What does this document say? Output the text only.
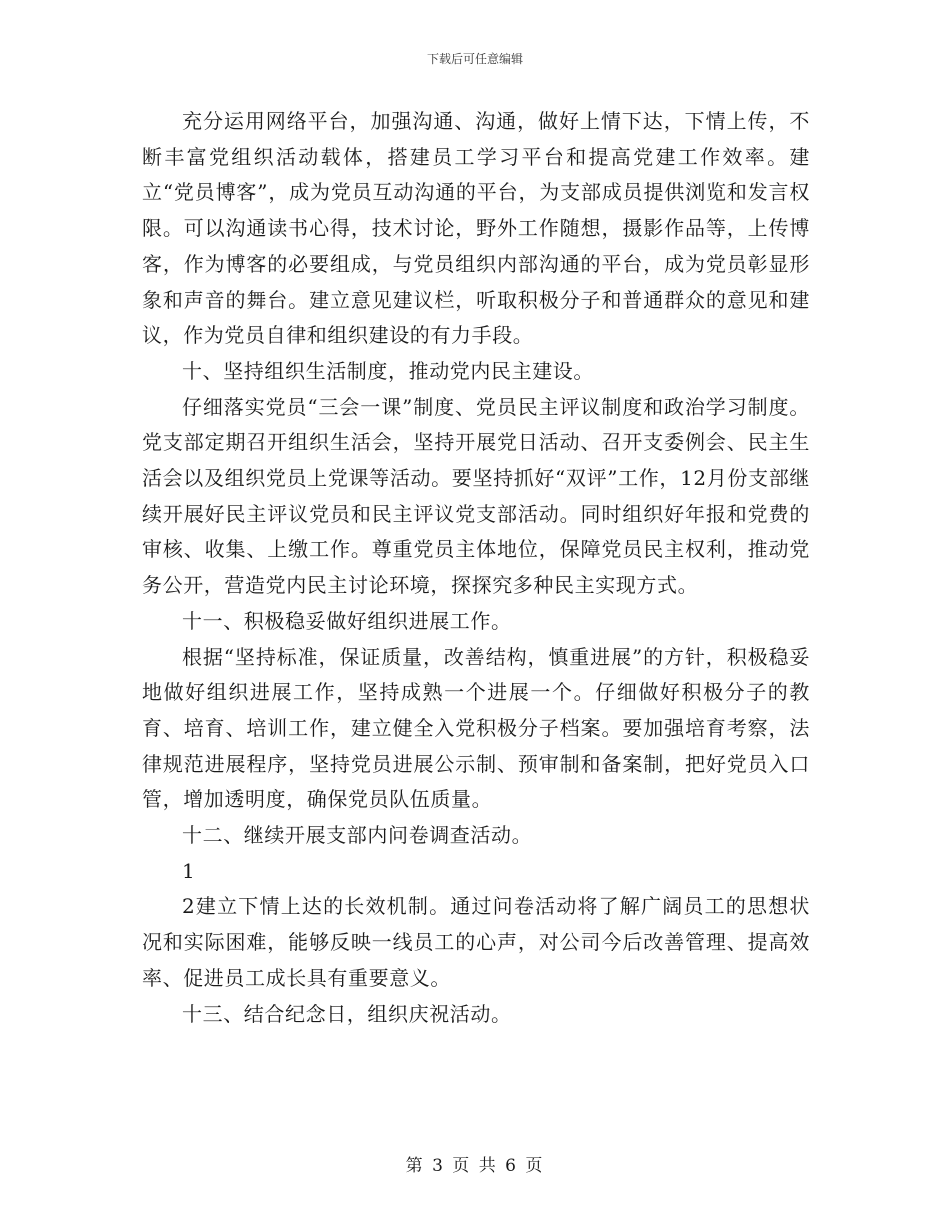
下载后可任意编辑

充分运用网络平台，加强沟通、沟通，做好上情下达，下情上传，不断丰富党组织活动载体，搭建员工学习平台和提高党建工作效率。建立“党员博客”，成为党员互动沟通的平台，为支部成员提供浏览和发言权限。可以沟通读书心得，技术讨论，野外工作随想，摄影作品等，上传博客，作为博客的必要组成，与党员组织内部沟通的平台，成为党员彰显形象和声音的舞台。建立意见建议栏，听取积极分子和普通群众的意见和建议，作为党员自律和组织建设的有力手段。

十、坚持组织生活制度，推动党内民主建设。

仔细落实党员“三会一课”制度、党员民主评议制度和政治学习制度。党支部定期召开组织生活会，坚持开展党日活动、召开支委例会、民主生活会以及组织党员上党课等活动。要坚持抓好“双评”工作，12月份支部继续开展好民主评议党员和民主评议党支部活动。同时组织好年报和党费的审核、收集、上缴工作。尊重党员主体地位，保障党员民主权利，推动党务公开，营造党内民主讨论环境，探探究多种民主实现方式。

十一、积极稳妥做好组织进展工作。

根据“坚持标准，保证质量，改善结构，慎重进展”的方针，积极稳妥地做好组织进展工作，坚持成熟一个进展一个。仔细做好积极分子的教育、培育、培训工作，建立健全入党积极分子档案。要加强培育考察，法律规范进展程序，坚持党员进展公示制、预审制和备案制，把好党员入口管，增加透明度，确保党员队伍质量。

十二、继续开展支部内问卷调查活动。

1

2建立下情上达的长效机制。通过问卷活动将了解广阔员工的思想状况和实际困难，能够反映一线员工的心声，对公司今后改善管理、提高效率、促进员工成长具有重要意义。

十三、结合纪念日，组织庆祝活动。

第 3 页 共 6 页
